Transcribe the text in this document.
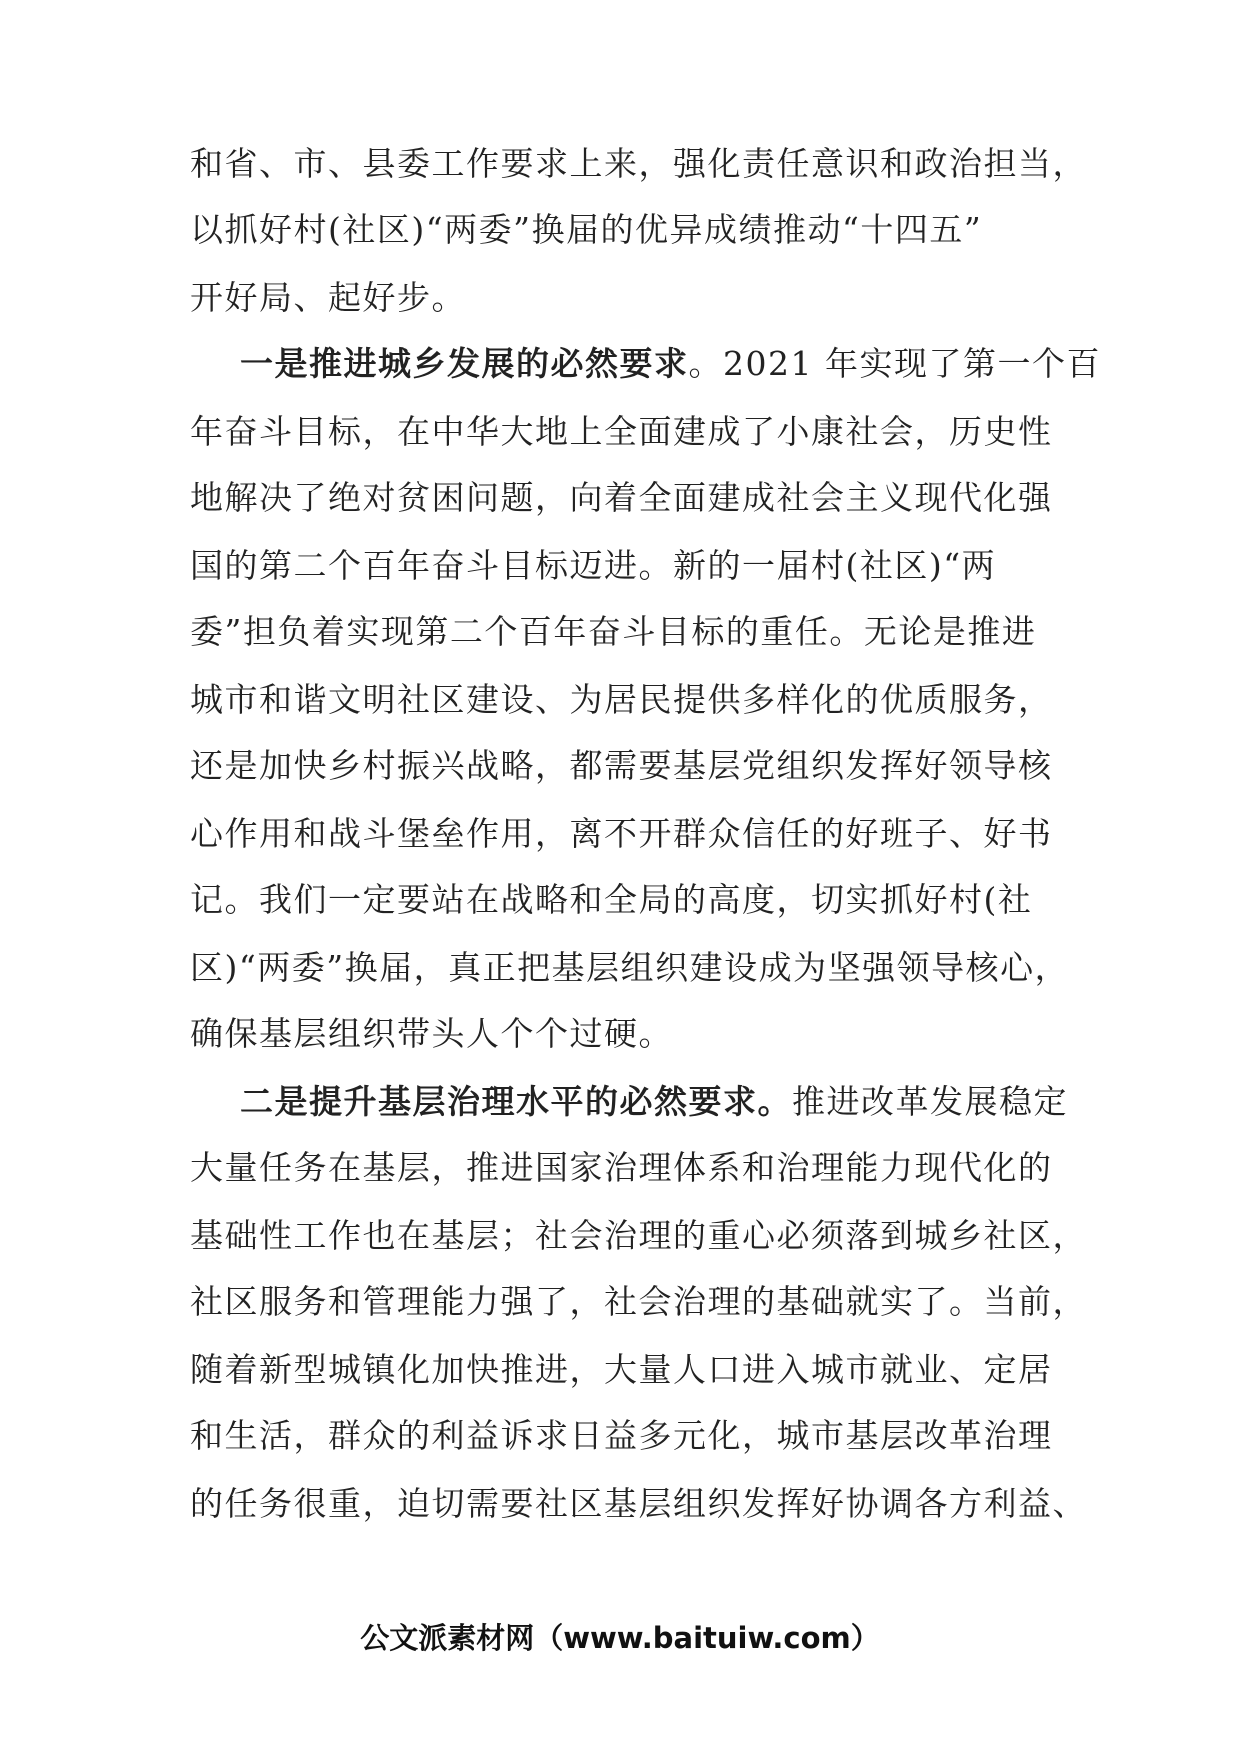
和省、市、县委工作要求上来，强化责任意识和政治担当，
以抓好村(社区)“两委”换届的优异成绩推动“十四五”
开好局、起好步。
一是推进城乡发展的必然要求。2021 年实现了第一个百
年奋斗目标，在中华大地上全面建成了小康社会，历史性
地解决了绝对贫困问题，向着全面建成社会主义现代化强
国的第二个百年奋斗目标迈进。新的一届村(社区)“两
委”担负着实现第二个百年奋斗目标的重任。无论是推进
城市和谐文明社区建设、为居民提供多样化的优质服务，
还是加快乡村振兴战略，都需要基层党组织发挥好领导核
心作用和战斗堡垒作用，离不开群众信任的好班子、好书
记。我们一定要站在战略和全局的高度，切实抓好村(社
区)“两委”换届，真正把基层组织建设成为坚强领导核心，
确保基层组织带头人个个过硬。
二是提升基层治理水平的必然要求。推进改革发展稳定
大量任务在基层，推进国家治理体系和治理能力现代化的
基础性工作也在基层；社会治理的重心必须落到城乡社区，
社区服务和管理能力强了，社会治理的基础就实了。当前，
随着新型城镇化加快推进，大量人口进入城市就业、定居
和生活，群众的利益诉求日益多元化，城市基层改革治理
的任务很重，迫切需要社区基层组织发挥好协调各方利益、
公文派素材网（www.baituiw.com）
